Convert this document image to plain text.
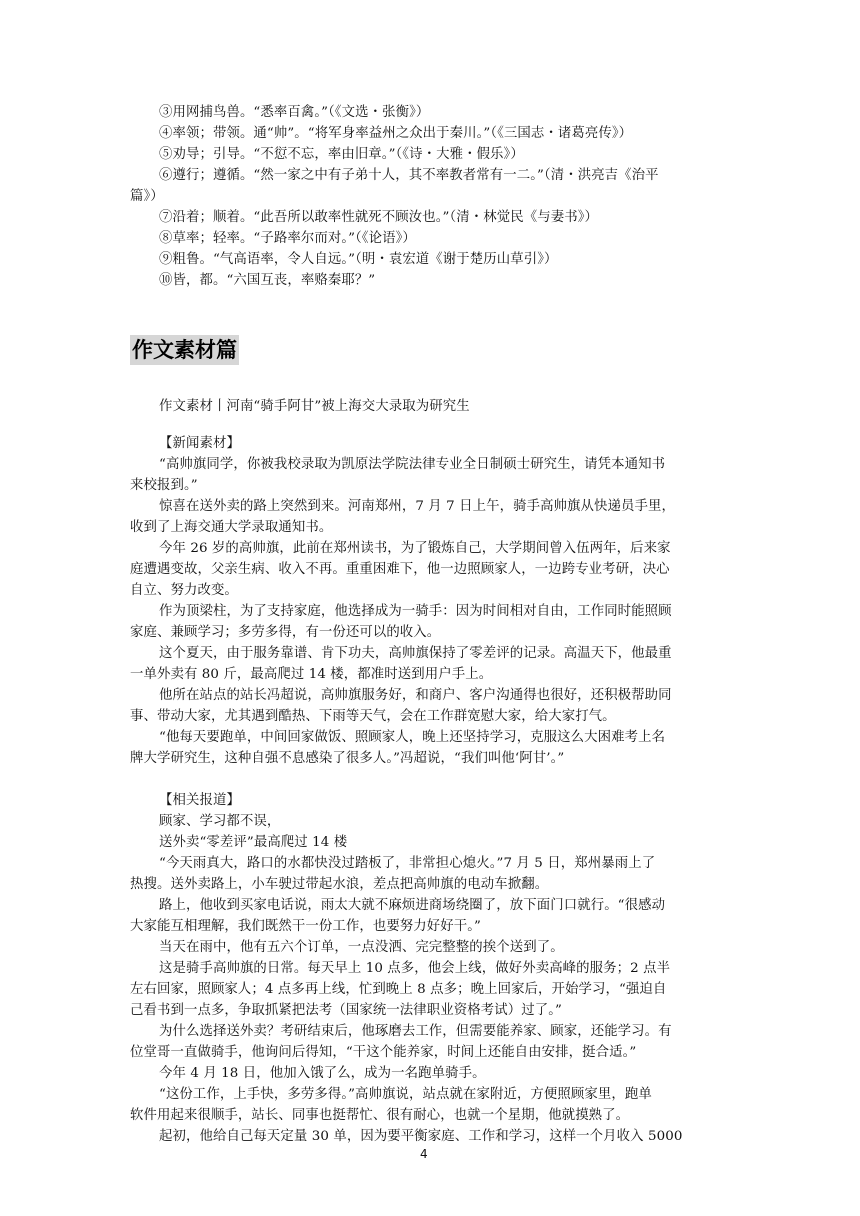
③用网捕鸟兽。“悉率百禽。”（《文选・张衡》）
④率领；带领。通“帅”。“将军身率益州之众出于秦川。”（《三国志・诸葛亮传》）
⑤劝导；引导。“不愆不忘，率由旧章。”（《诗・大雅・假乐》）
⑥遵行；遵循。“然一家之中有子弟十人，其不率教者常有一二。”（清・洪亮吉《治平
篇》）
⑦沿着；顺着。“此吾所以敢率性就死不顾汝也。”（清・林觉民《与妻书》）
⑧草率；轻率。“子路率尔而对。”（《论语》）
⑨粗鲁。“气高语率，令人自远。”（明・袁宏道《谢于楚历山草引》）
⑩皆，都。“六国互丧，率赂秦耶？”
作文素材篇
作文素材丨河南“骑手阿甘”被上海交大录取为研究生
【新闻素材】
“高帅旗同学，你被我校录取为凯原法学院法律专业全日制硕士研究生，请凭本通知书
来校报到。”
惊喜在送外卖的路上突然到来。河南郑州，7 月 7 日上午，骑手高帅旗从快递员手里，
收到了上海交通大学录取通知书。
今年 26 岁的高帅旗，此前在郑州读书，为了锻炼自己，大学期间曾入伍两年，后来家
庭遭遇变故，父亲生病、收入不再。重重困难下，他一边照顾家人，一边跨专业考研，决心
自立、努力改变。
作为顶梁柱，为了支持家庭，他选择成为一骑手：因为时间相对自由，工作同时能照顾
家庭、兼顾学习；多劳多得，有一份还可以的收入。
这个夏天，由于服务靠谱、肯下功夫，高帅旗保持了零差评的记录。高温天下，他最重
一单外卖有 80 斤，最高爬过 14 楼，都准时送到用户手上。
他所在站点的站长冯超说，高帅旗服务好，和商户、客户沟通得也很好，还积极帮助同
事、带动大家，尤其遇到酷热、下雨等天气，会在工作群宽慰大家，给大家打气。
“他每天要跑单，中间回家做饭、照顾家人，晚上还坚持学习，克服这么大困难考上名
牌大学研究生，这种自强不息感染了很多人。”冯超说，“我们叫他‘阿甘’。”
【相关报道】
顾家、学习都不误，
送外卖“零差评”最高爬过 14 楼
“今天雨真大，路口的水都快没过踏板了，非常担心熄火。”7 月 5 日，郑州暴雨上了
热搜。送外卖路上，小车驶过带起水浪，差点把高帅旗的电动车掀翻。
路上，他收到买家电话说，雨太大就不麻烦进商场绕圈了，放下面门口就行。“很感动
大家能互相理解，我们既然干一份工作，也要努力好好干。”
当天在雨中，他有五六个订单，一点没洒、完完整整的挨个送到了。
这是骑手高帅旗的日常。每天早上 10 点多，他会上线，做好外卖高峰的服务；2 点半
左右回家，照顾家人；4 点多再上线，忙到晚上 8 点多；晚上回家后，开始学习，“强迫自
己看书到一点多，争取抓紧把法考（国家统一法律职业资格考试）过了。”
为什么选择送外卖？考研结束后，他琢磨去工作，但需要能养家、顾家，还能学习。有
位堂哥一直做骑手，他询问后得知，“干这个能养家，时间上还能自由安排，挺合适。”
今年 4 月 18 日，他加入饿了么，成为一名跑单骑手。
“这份工作，上手快，多劳多得。”高帅旗说，站点就在家附近，方便照顾家里，跑单
软件用起来很顺手，站长、同事也挺帮忙、很有耐心，也就一个星期，他就摸熟了。
起初，他给自己每天定量 30 单，因为要平衡家庭、工作和学习，这样一个月收入 5000
4
